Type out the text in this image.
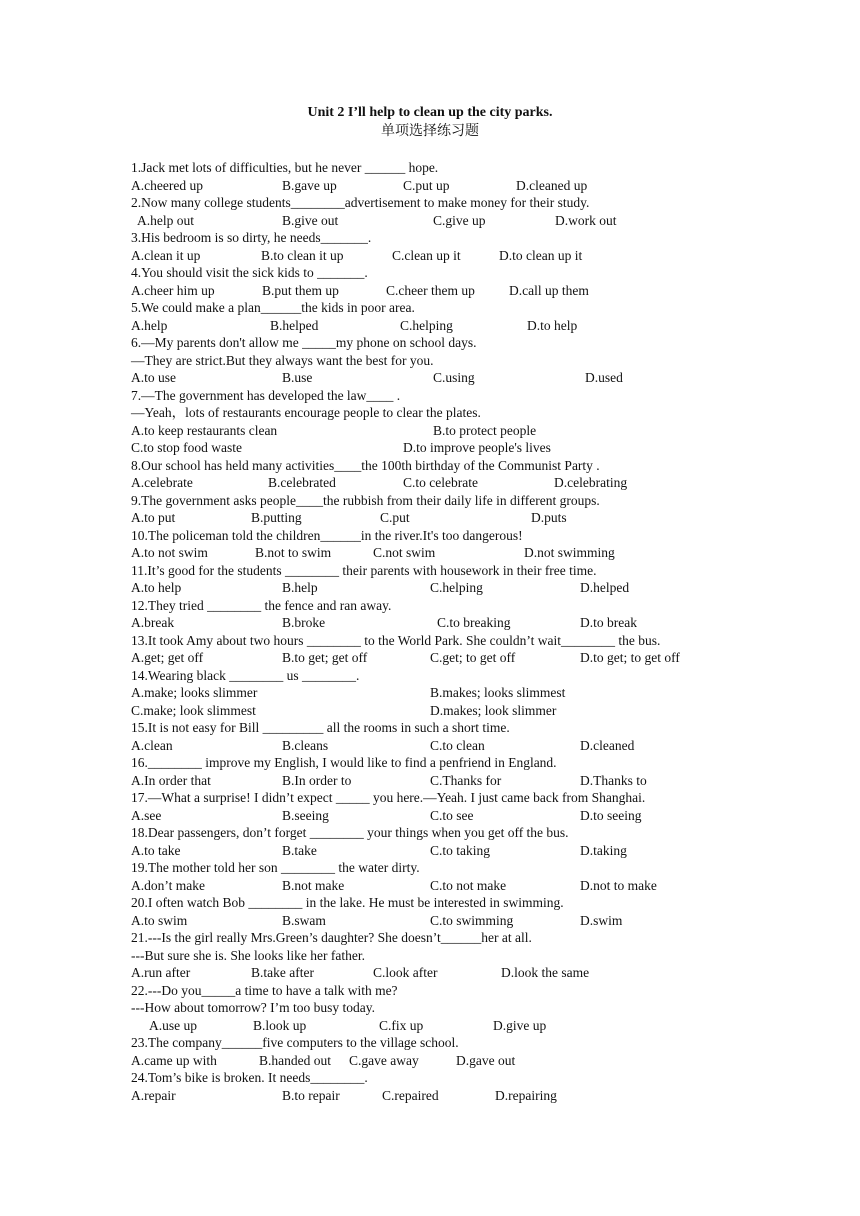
Unit 2 I’ll help to clean up the city parks.
单项选择练习题
1.Jack met lots of difficulties, but he never ______ hope.
A.cheered up	B.gave up	C.put up	D.cleaned up
2.Now many college students________advertisement to make money for their study.
A.help out	B.give out	C.give up	D.work out
3.His bedroom is so dirty, he needs_______.
A.clean it up	B.to clean it up	C.clean up it	D.to clean up it
4.You should visit the sick kids to _______.
A.cheer him up	B.put them up	C.cheer them up	D.call up them
5.We could make a plan______the kids in poor area.
A.help	B.helped	C.helping	D.to help
6.—My parents don't allow me _____my phone on school days.
—They are strict.But they always want the best for you.
A.to use	B.use	C.using	D.used
7.—The government has developed the law____ .
—Yeah，lots of restaurants encourage people to clear the plates.
A.to keep restaurants clean	B.to protect people
C.to stop food waste	D.to improve people's lives
8.Our school has held many activities____the 100th birthday of the Communist Party .
A.celebrate	B.celebrated	C.to celebrate	D.celebrating
9.The government asks people____the rubbish from their daily life in different groups.
A.to put	B.putting	C.put	D.puts
10.The policeman told the children______in the river.It's too dangerous!
A.to not swim	B.not to swim	C.not swim	D.not swimming
11.It’s good for the students ________ their parents with housework in their free time.
A.to help	B.help	C.helping	D.helped
12.They tried ________ the fence and ran away.
A.break	B.broke	C.to breaking	D.to break
13.It took Amy about two hours ________ to the World Park. She couldn’t wait________ the bus.
A.get; get off	B.to get; get off	C.get; to get off	D.to get; to get off
14.Wearing black ________ us ________.
A.make; looks slimmer	B.makes; looks slimmest
C.make; look slimmest	D.makes; look slimmer
15.It is not easy for Bill _________ all the rooms in such a short time.
A.clean	B.cleans	C.to clean	D.cleaned
16.________ improve my English, I would like to find a penfriend in England.
A.In order that	B.In order to	C.Thanks for	D.Thanks to
17.—What a surprise! I didn’t expect _____ you here.—Yeah. I just came back from Shanghai.
A.see	B.seeing	C.to see	D.to seeing
18.Dear passengers, don’t forget ________ your things when you get off the bus.
A.to take	B.take	C.to taking	D.taking
19.The mother told her son ________ the water dirty.
A.don’t make	B.not make	C.to not make	D.not to make
20.I often watch Bob ________ in the lake. He must be interested in swimming.
A.to swim	B.swam	C.to swimming	D.swim
21.---Is the girl really Mrs.Green’s daughter? She doesn’t______her at all.
---But sure she is. She looks like her father.
A.run after	B.take after	C.look after	D.look the same
22.---Do you_____a time to have a talk with me?
---How about tomorrow? I’m too busy today.
A.use up	B.look up	C.fix up	D.give up
23.The company______five computers to the village school.
A.came up with	B.handed out C.gave away	D.gave out
24.Tom’s bike is broken. It needs________.
A.repair	B.to repair	C.repaired	D.repairing
